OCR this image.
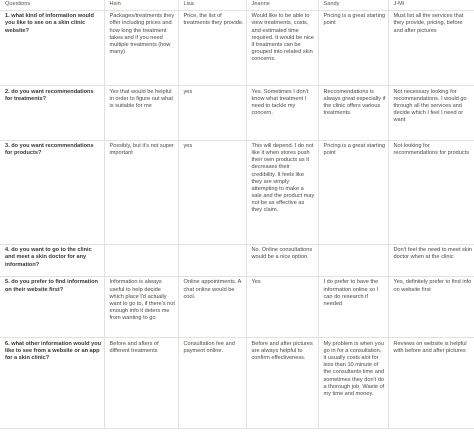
Questions	Hsin	Lisa	Jeanne	Sandy	J-Mi
1. what kind of information would you like to see on a skin clinic website?	Packages/treatments they offer including prices and how long the treatment takes and if you need multiple treatments (how many)	Price, the list of treatments they provide.	Would like to be able to view treatments, costs, and estimated time required. It would be nice if treatments can be grouped into related skin concerns.	Pricing is a great starting point	Must list all the services that they provide, pricing, before and after pictures
2. do you want recommendations for treatments?	Yes that would be helpful in order to figure out what is suitable for me	yes	Yes. Sometimes I don't know what treatment I need to tackle my concern.	Reccomendations is always great especially if the clinic offers various treatments.	Not necessary looking for recommendations. I would go through all the services and decide which I feel I need or want
3. do you want recommendations for products?	Possibly, but it's not super important	yes	This will depend. I do not like it when stores push their own products as it decreases their credibility. It feels like they are simply attempting to make a sale and the product may not be as effective as they claim.	Pricing is a great starting point	Not looking for recommendations for products
4. do you want to go to the clinic and meet a skin doctor for any information?			No. Online consultations would be a nice option.		Don't feel the need to meet skin doctor when at the clinic
5. do you prefer to find information on their website first?	Information is always useful to help decide which place I'd actually want to go to, if there's not enough info it deters me from wanting to go	Online appointments. A chat online would be cool.	Yes	I do prefer to have the information online so I can do research if needed	Yes, definitely prefer to find info on website first
6. what other information would you like to see from a website or an app for a skin clinic?	Before and afters of different treatments	Consultation fee and payment online.	Before and after pictures are always helpful to confirm effectiveness.	My problem is when you go in for a consultation, it usually costs alot for less than 10 minute of the consultants time and sometimes they don't do a thorough job. Waste of my time and money.	Reviews on website is helpful with before and after pictures
